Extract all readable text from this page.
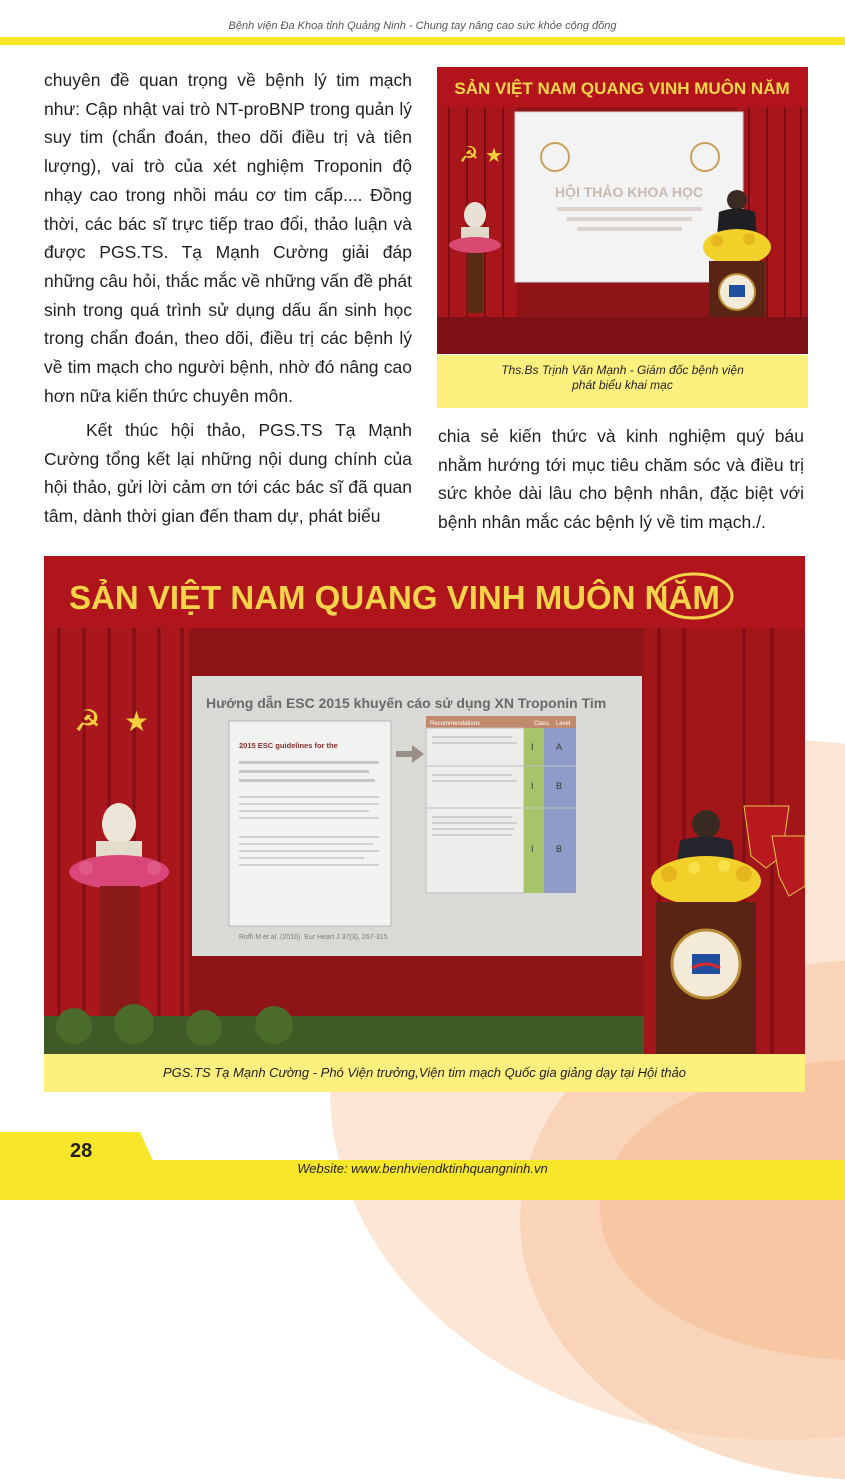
Bệnh viện Đa Khoa tỉnh Quảng Ninh - Chung tay nâng cao sức khỏe cộng đồng

chuyên đề quan trọng về bệnh lý tim mạch như: Cập nhật vai trò NT-proBNP trong quản lý suy tim (chẩn đoán, theo dõi điều trị và tiên lượng), vai trò của xét nghiệm Troponin độ nhạy cao trong nhồi máu cơ tim cấp.... Đồng thời, các bác sĩ trực tiếp trao đổi, thảo luận và được PGS.TS. Tạ Mạnh Cường giải đáp những câu hỏi, thắc mắc về những vấn đề phát sinh trong quá trình sử dụng dấu ấn sinh học trong chẩn đoán, theo dõi, điều trị các bệnh lý về tim mạch cho người bệnh, nhờ đó nâng cao hơn nữa kiến thức chuyên môn.

Kết thúc hội thảo, PGS.TS Tạ Mạnh Cường tổng kết lại những nội dung chính của hội thảo, gửi lời cảm ơn tới các bác sĩ đã quan tâm, dành thời gian đến tham dự, phát biểu

chia sẻ kiến thức và kinh nghiệm quý báu nhằm hướng tới mục tiêu chăm sóc và điều trị sức khỏe dài lâu cho bệnh nhân, đặc biệt với bệnh nhân mắc các bệnh lý về tim mạch./.

SẢN VIỆT NAM QUANG VINH MUÔN NĂM
☭ ★
HỘI THẢO KHOA HỌC
Ths.Bs Trịnh Văn Mạnh - Giám đốc bệnh viện
phát biểu khai mạc
SẢN VIỆT NAM QUANG VINH MUÔN NĂM
☭ ★
Hướng dẫn ESC 2015 khuyến cáo sử dụng XN Troponin Tim
2015 ESC guidelines for the
Recommendations	Class Level
I A
I B
I B
Roffi M et al. (2016). Eur Heart J 37(3), 267-315
PGS.TS Tạ Mạnh Cường - Phó Viện trưởng,Viện tim mạch Quốc gia giảng dạy tại Hội thảo
28
Website: www.benhviendktinhquangninh.vn
